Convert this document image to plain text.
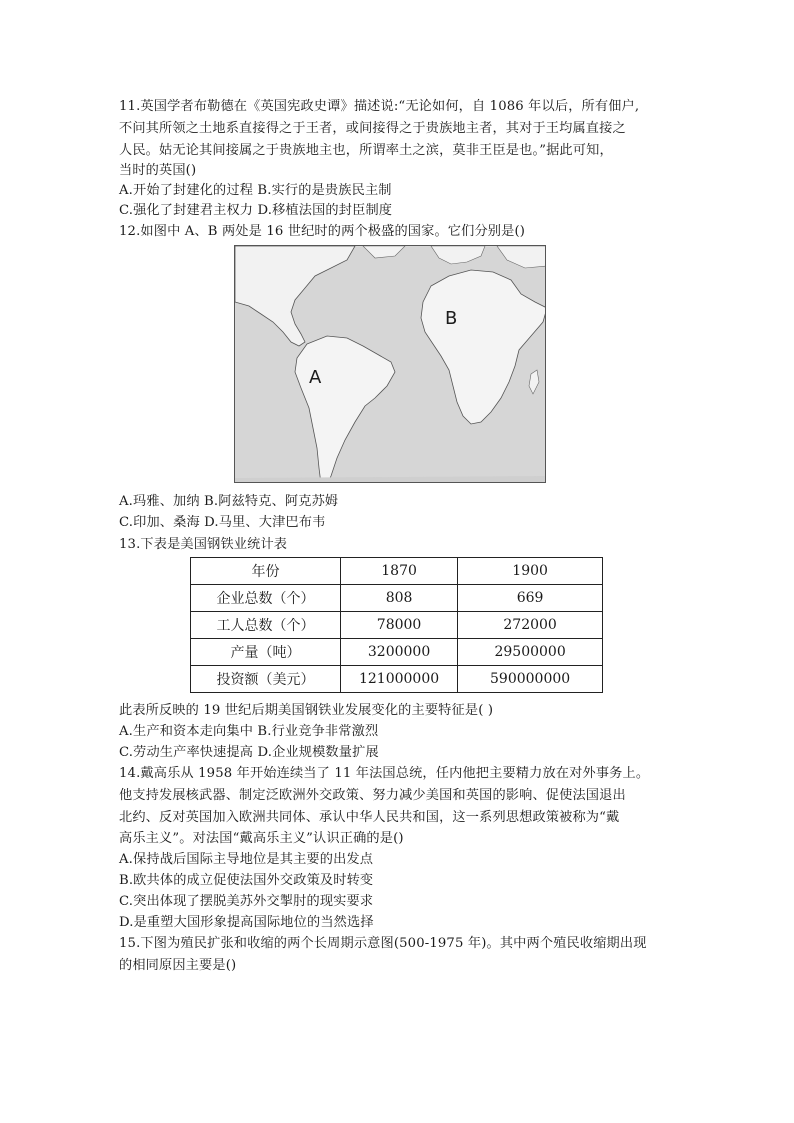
11.英国学者布勒德在《英国宪政史谭》描述说:“无论如何，自 1086 年以后，所有佃户,
不问其所领之土地系直接得之于王者，或间接得之于贵族地主者，其对于王均属直接之
人民。姑无论其间接属之于贵族地主也，所谓率土之滨，莫非王臣是也。”据此可知，
当时的英国()
A.开始了封建化的过程 B.实行的是贵族民主制
C.强化了封建君主权力 D.移植法国的封臣制度
12.如图中 A、B 两处是 16 世纪时的两个极盛的国家。它们分别是()
B
A
A.玛雅、加纳 B.阿兹特克、阿克苏姆
C.印加、桑海 D.马里、大津巴布韦
13.下表是美国钢铁业统计表
年份	1870	1900
企业总数（个）	808	669
工人总数（个）	78000	272000
产量（吨）	3200000	29500000
投资额（美元）	121000000	590000000
此表所反映的 19 世纪后期美国钢铁业发展变化的主要特征是( )
A.生产和资本走向集中 B.行业竞争非常激烈
C.劳动生产率快速提高 D.企业规模数量扩展
14.戴高乐从 1958 年开始连续当了 11 年法国总统，任内他把主要精力放在对外事务上。
他支持发展核武器、制定泛欧洲外交政策、努力减少美国和英国的影响、促使法国退出
北约、反对英国加入欧洲共同体、承认中华人民共和国，这一系列思想政策被称为“戴
高乐主义”。对法国“戴高乐主义”认识正确的是()
A.保持战后国际主导地位是其主要的出发点
B.欧共体的成立促使法国外交政策及时转变
C.突出体现了摆脱美苏外交掣肘的现实要求
D.是重塑大国形象提高国际地位的当然选择
15.下图为殖民扩张和收缩的两个长周期示意图(500-1975 年)。其中两个殖民收缩期出现
的相同原因主要是()
